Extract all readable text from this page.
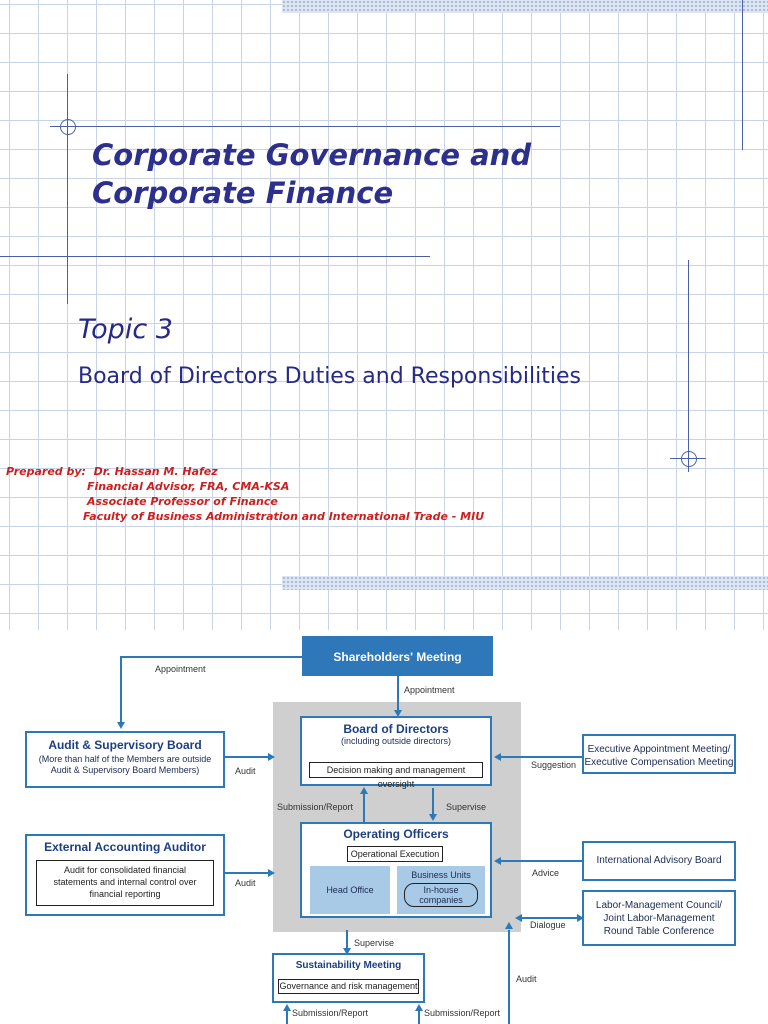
Corporate Governance and
Corporate Finance
Topic 3
Board of Directors Duties and Responsibilities
Prepared by: Dr. Hassan M. Hafez
Financial Advisor, FRA, CMA-KSA
Associate Professor of Finance
Faculty of Business Administration and International Trade - MIU
Shareholders' Meeting
Appointment
Appointment
Board of Directors
(including outside directors)
Decision making and management oversight
Submission/Report	Supervise
Operating Officers
Operational Execution
Head Office
Business Units
In-house companies
Audit & Supervisory Board
(More than half of the Members are outside Audit & Supervisory Board Members)	Audit
External Accounting Auditor
Audit for consolidated financial statements and internal control over financial reporting
Audit
Executive Appointment Meeting/ Executive Compensation Meeting
Suggestion
International Advisory Board
Advice
Labor-Management Council/ Joint Labor-Management Round Table Conference
Dialogue
Audit
Supervise
Sustainability Meeting
Governance and risk management
Submission/Report	Submission/Report
